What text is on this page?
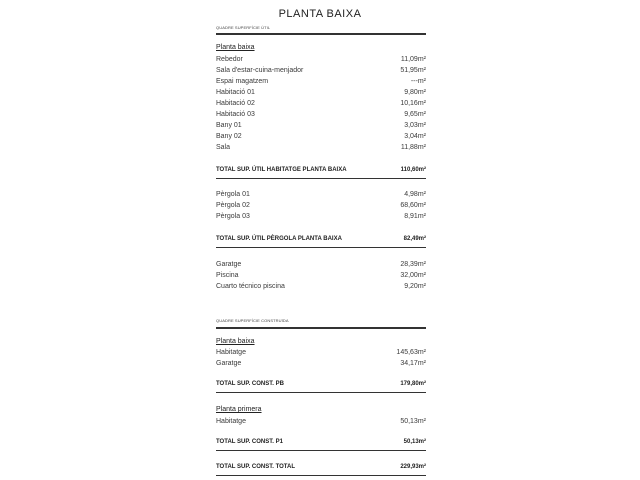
PLANTA BAIXA
QUADRE SUPERFÍCIE ÚTIL
Planta baixa
Rebedor	11,09m²
Sala d'estar-cuina-menjador	51,95m²
Espai magatzem	---m²
Habitació 01	9,80m²
Habitació 02	10,16m²
Habitació 03	9,65m²
Bany 01	3,03m²
Bany 02	3,04m²
Sala	11,88m²
TOTAL SUP. ÚTIL HABITATGE PLANTA BAIXA	110,60m²
Pèrgola 01	4,98m²
Pèrgola 02	68,60m²
Pèrgola 03	8,91m²
TOTAL SUP. ÚTIL PÈRGOLA PLANTA BAIXA	82,49m²
Garatge	28,39m²
Piscina	32,00m²
Cuarto técnico piscina	9,20m²
QUADRE SUPERFÍCIE CONSTRUÏDA
Planta baixa
Habitatge	145,63m²
Garatge	34,17m²
TOTAL SUP. CONST. PB	179,80m²
Planta primera
Habitatge	50,13m²
TOTAL SUP. CONST. P1	50,13m²
TOTAL SUP. CONST. TOTAL	229,93m²
